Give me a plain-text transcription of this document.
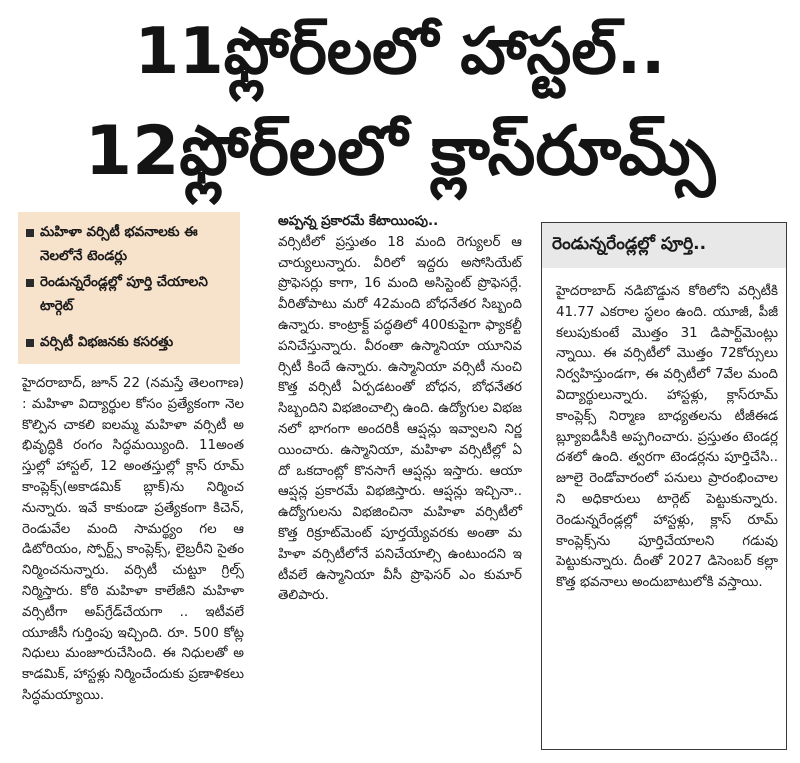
11ఫ్లోర్‌లలో హాస్టల్..
12ఫ్లోర్‌లలో క్లాస్‌రూమ్స్
మహిళా వర్సిటీ భవనాలకు ఈ నెలలోనే టెండర్లు
రెండున్నరేండ్లల్లో పూర్తి చేయాలని టార్గెట్
వర్సిటీ విభజనకు కసరత్తు

హైదరాబాద్, జూన్ 22 (నమస్తే తెలంగాణ) : మహిళా విద్యార్థుల కోసం ప్రత్యేకంగా నెలకొల్పిన చాకలి ఐలమ్మ మహిళా వర్సిటీ అభివృద్ధికి రంగం సిద్ధమయ్యింది. 11అంతస్తుల్లో హాస్టల్, 12 అంతస్తుల్లో క్లాస్ రూమ్ కాంప్లెక్స్(అకాడమిక్ బ్లాక్)ను నిర్మించనున్నారు. ఇవే కాకుండా ప్రత్యేకంగా కిచెన్, రెండువేల మంది సామర్థ్యం గల ఆడిటోరియం, స్పోర్ట్స్ కాంప్లెక్స్, లైబ్రరీని సైతం నిర్మించనున్నారు. వర్సిటీ చుట్టూ గ్రిల్స్ నిర్మిస్తారు. కోఠి మహిళా కాలేజీని మహిళా వర్సిటీగా అప్‌గ్రేడ్‌చేయగా .. ఇటీవలే యూజీసీ గుర్తింపు ఇచ్చింది. రూ. 500 కోట్ల నిధులు మంజూరుచేసింది. ఈ నిధులతో అకాడమిక్, హాస్టళ్లు నిర్మించేందుకు ప్రణాళికలు సిద్ధమయ్యాయి.

అప్పన్న ప్రకారమే కేటాయింపు..

వర్సిటీలో ప్రస్తుతం 18 మంది రెగ్యులర్ ఆచార్యులున్నారు. వీరిలో ఇద్దరు అసోసియేట్ ప్రొఫెసర్లు కాగా, 16 మంది అసిస్టెంట్ ప్రొఫెసర్లే. వీరితోపాటు మరో 42మంది బోధనేతర సిబ్బంది ఉన్నారు. కాంట్రాక్ట్ పద్ధతిలో 400కుపైగా ఫ్యాకల్టీ పనిచేస్తున్నారు. వీరంతా ఉస్మానియా యూనివర్సిటీ కిందే ఉన్నారు. ఉస్మానియా వర్సిటీ నుంచి కొత్త వర్సిటీ ఏర్పడటంతో బోధన, బోధనేతర సిబ్బందిని విభజించాల్సి ఉంది. ఉద్యోగుల విభజనలో భాగంగా అందరికీ ఆప్షన్లు ఇవ్వాలని నిర్ణయించారు. ఉస్మానియా, మహిళా వర్సిటీల్లో ఏదో ఒకదాంట్లో కొనసాగే ఆప్షన్లు ఇస్తారు. ఆయా ఆప్షన్ల ప్రకారమే విభజిస్తారు. ఆప్షన్లు ఇచ్చినా.. ఉద్యోగులను విభజించినా మహిళా వర్సిటీలో కొత్త రిక్రూట్‌మెంట్ పూర్తయ్యేవరకు అంతా మహిళా వర్సిటీలోనే పనిచేయాల్సి ఉంటుందని ఇటీవలే ఉస్మానియా వీసీ ప్రొఫెసర్ ఎం కుమార్ తెలిపారు.

రెండున్నరేండ్లల్లో పూర్తి..

హైదరాబాద్ నడిబొడ్డున కోఠిలోని వర్సిటీకి 41.77 ఎకరాల స్థలం ఉంది. యూజీ, పీజీ కలుపుకుంటే మొత్తం 31 డిపార్ట్‌మెంట్లు న్నాయి. ఈ వర్సిటీలో మొత్తం 72కోర్సులు నిర్వహిస్తుండగా, ఈ వర్సిటీలో 7వేల మంది విద్యార్థులున్నారు. హాస్టళ్లు, క్లాస్‌రూమ్ కాంప్లెక్స్ నిర్మాణ బాధ్యతలను టీజీఈడబ్ల్యూఐడీసీకి అప్పగించారు. ప్రస్తుతం టెండర్ల దశలో ఉంది. త్వరగా టెండర్లను పూర్తిచేసి.. జూలై రెండోవారంలో పనులు ప్రారంభించాలని అధికారులు టార్గెట్ పెట్టుకున్నారు. రెండున్నరేండ్లల్లో హాస్టళ్లు, క్లాస్ రూమ్ కాంప్లెక్స్‌ను పూర్తిచేయాలని గడువు పెట్టుకున్నారు. దీంతో 2027 డిసెంబర్ కల్లా కొత్త భవనాలు అందుబాటులోకి వస్తాయి.
